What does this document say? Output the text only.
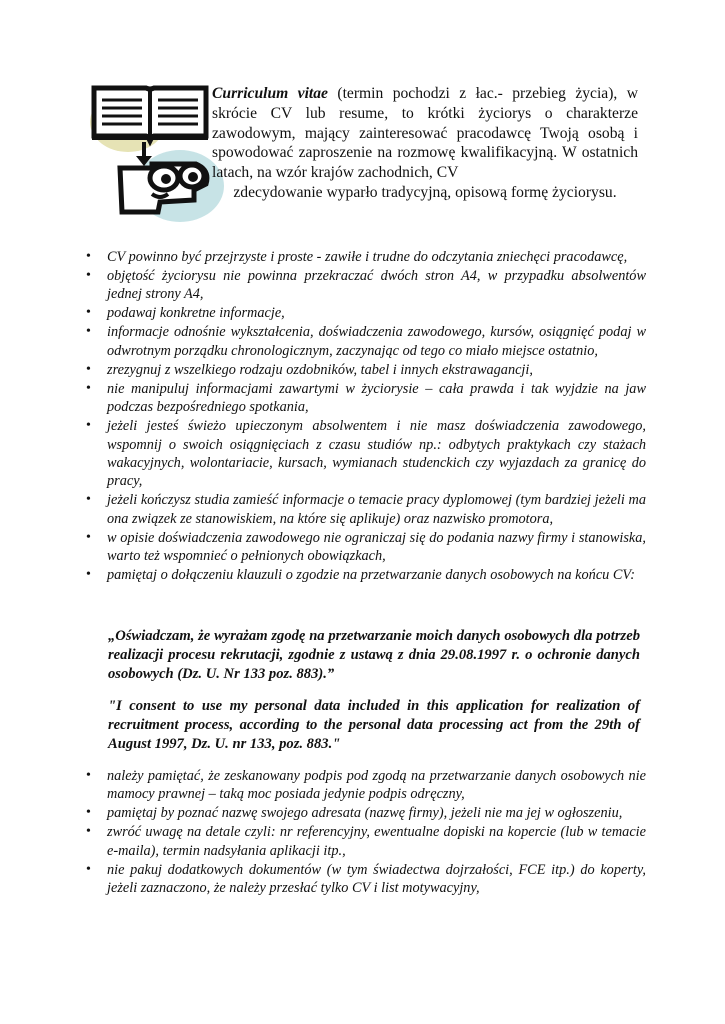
Curriculum vitae (termin pochodzi z łac.- przebieg życia), w skrócie CV lub resume, to krótki życiorys o charakterze zawodowym, mający zainteresować pracodawcę Twoją osobą i spowodować zaproszenie na rozmowę kwalifikacyjną. W ostatnich latach, na wzór krajów zachodnich, CV
zdecydowanie wyparło tradycyjną, opisową formę życiorysu.
• CV powinno być przejrzyste i proste - zawiłe i trudne do odczytania zniechęci pracodawcę,
• objętość życiorysu nie powinna przekraczać dwóch stron A4, w przypadku absolwentów jednej strony A4,
• podawaj konkretne informacje,
• informacje odnośnie wykształcenia, doświadczenia zawodowego, kursów, osiągnięć podaj w odwrotnym porządku chronologicznym, zaczynając od tego co miało miejsce ostatnio,
• zrezygnuj z wszelkiego rodzaju ozdobników, tabel i innych ekstrawagancji,
• nie manipuluj informacjami zawartymi w życiorysie – cała prawda i tak wyjdzie na jaw podczas bezpośredniego spotkania,
• jeżeli jesteś świeżo upieczonym absolwentem i nie masz doświadczenia zawodowego, wspomnij o swoich osiągnięciach z czasu studiów np.: odbytych praktykach czy stażach wakacyjnych, wolontariacie, kursach, wymianach studenckich czy wyjazdach za granicę do pracy,
• jeżeli kończysz studia zamieść informacje o temacie pracy dyplomowej (tym bardziej jeżeli ma ona związek ze stanowiskiem, na które się aplikuje) oraz nazwisko promotora,
• w opisie doświadczenia zawodowego nie ograniczaj się do podania nazwy firmy i stanowiska, warto też wspomnieć o pełnionych obowiązkach,
• pamiętaj o dołączeniu klauzuli o zgodzie na przetwarzanie danych osobowych na końcu CV:
„Oświadczam, że wyrażam zgodę na przetwarzanie moich danych osobowych dla potrzeb realizacji procesu rekrutacji, zgodnie z ustawą z dnia 29.08.1997 r. o ochronie danych osobowych (Dz. U. Nr 133 poz. 883).”
"I consent to use my personal data included in this application for realization of recruitment process, according to the personal data processing act from the 29th of August 1997, Dz. U. nr 133, poz. 883."
• należy pamiętać, że zeskanowany podpis pod zgodą na przetwarzanie danych osobowych nie mamocy prawnej – taką moc posiada jedynie podpis odręczny,
• pamiętaj by poznać nazwę swojego adresata (nazwę firmy), jeżeli nie ma jej w ogłoszeniu,
• zwróć uwagę na detale czyli: nr referencyjny, ewentualne dopiski na kopercie (lub w temacie e-maila), termin nadsyłania aplikacji itp.,
• nie pakuj dodatkowych dokumentów (w tym świadectwa dojrzałości, FCE itp.) do koperty, jeżeli zaznaczono, że należy przesłać tylko CV i list motywacyjny,
